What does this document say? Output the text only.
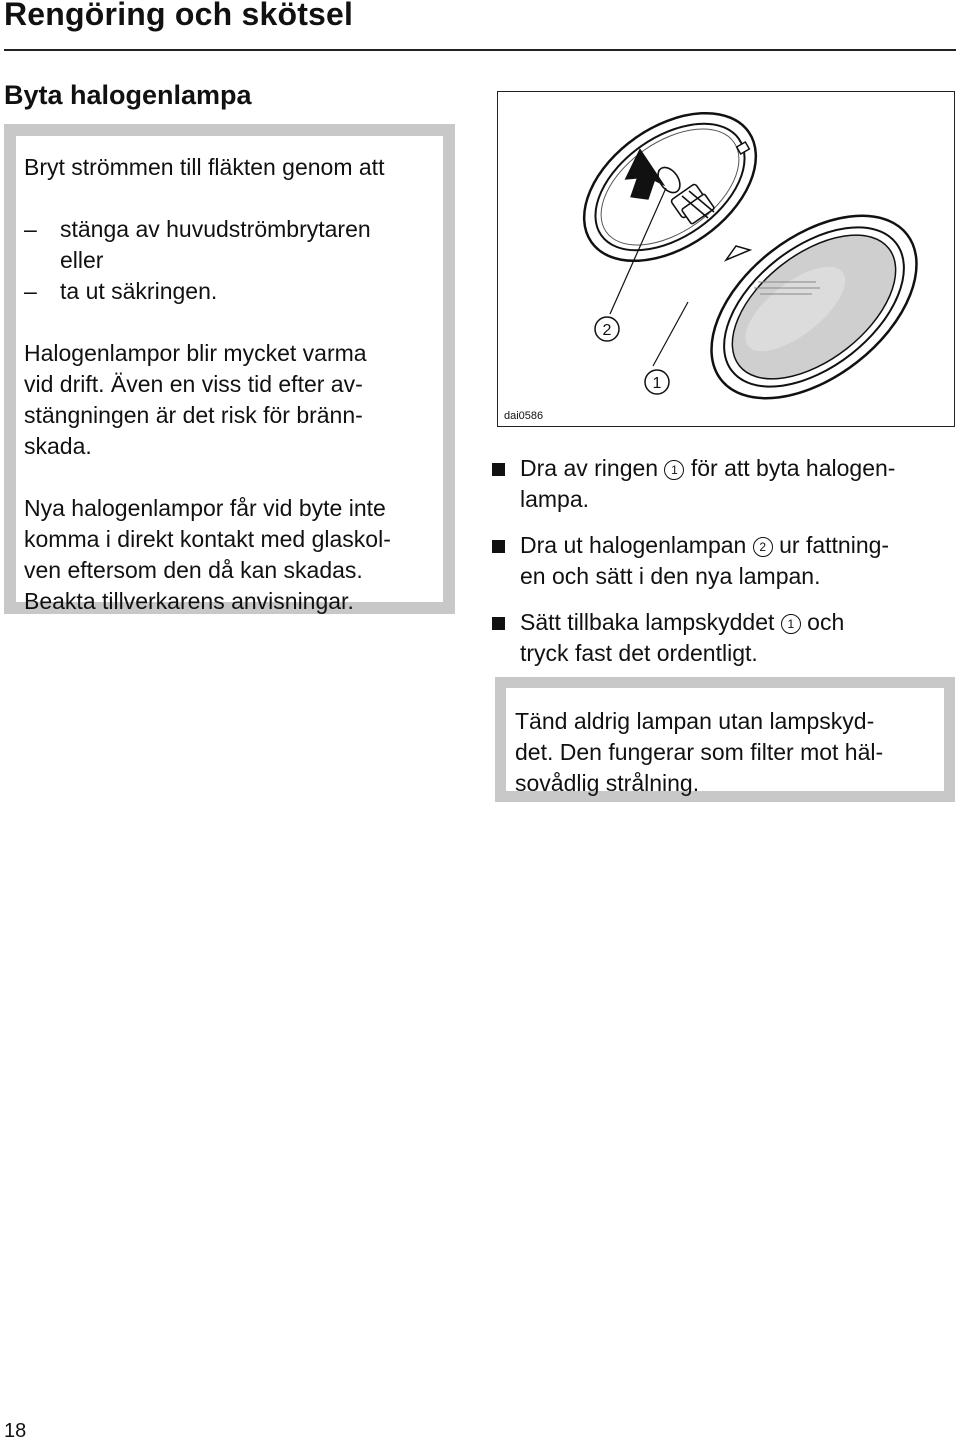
Rengöring och skötsel
Byta halogenlampa

Bryt strömmen till fläkten genom att

– stänga av huvudströmbrytaren
eller
– ta ut säkringen.

Halogenlampor blir mycket varma
vid drift. Även en viss tid efter av-
stängningen är det risk för bränn-
skada.

Nya halogenlampor får vid byte inte
komma i direkt kontakt med glaskol-
ven eftersom den då kan skadas.
Beakta tillverkarens anvisningar.

2
1
dai0586
Dra av ringen 1 för att byta halogen-
lampa.
Dra ut halogenlampan 2 ur fattning-
en och sätt i den nya lampan.
Sätt tillbaka lampskyddet 1 och
tryck fast det ordentligt.

Tänd aldrig lampan utan lampskyd-
det. Den fungerar som filter mot häl-
sovådlig strålning.

18
